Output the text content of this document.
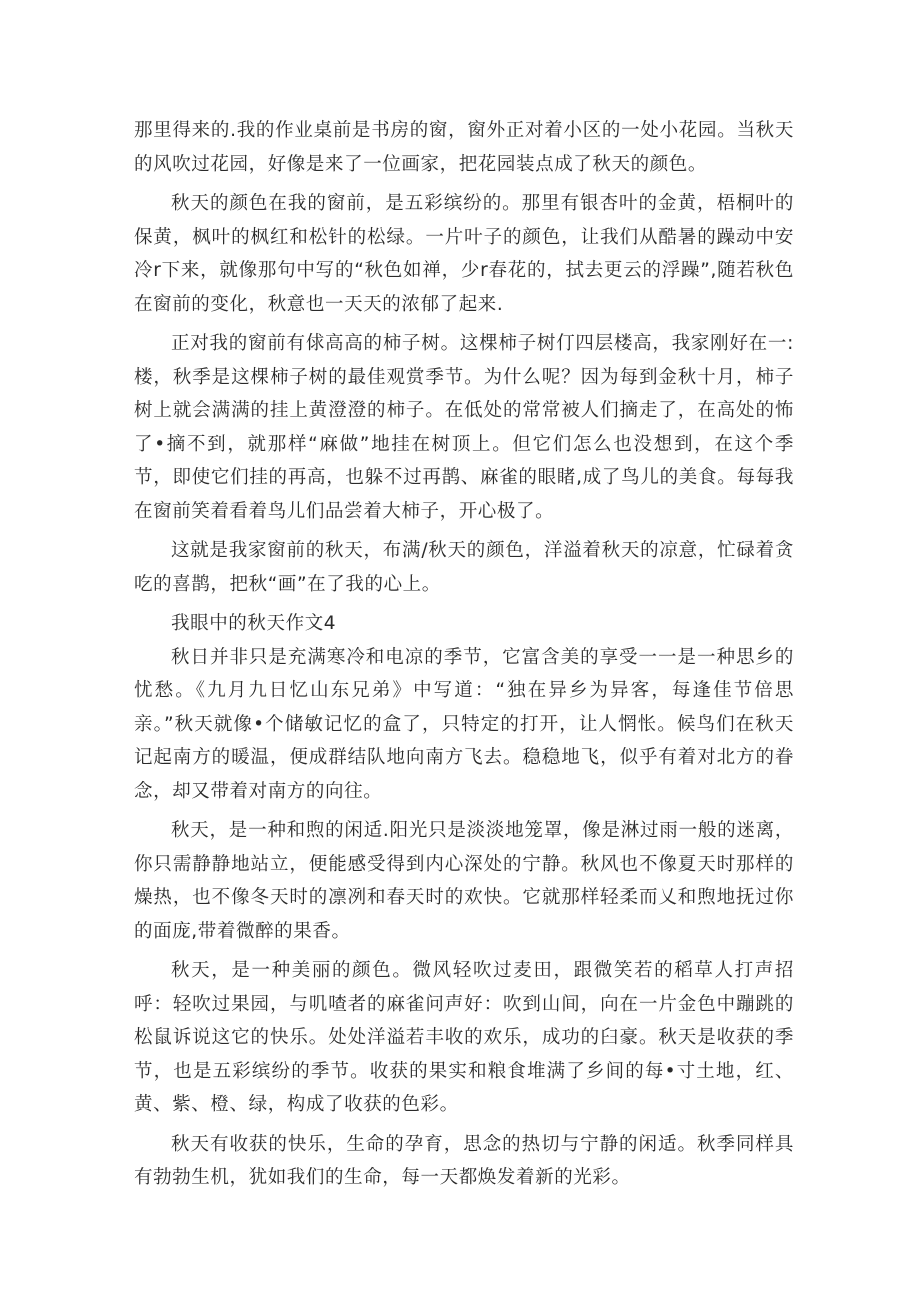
那里得来的.我的作业桌前是书房的窗，窗外正对着小区的一处小花园。当秋天的风吹过花园，好像是来了一位画家，把花园装点成了秋天的颜色。

秋天的颜色在我的窗前，是五彩缤纷的。那里有银杏叶的金黄，梧桐叶的保黄，枫叶的枫红和松针的松绿。一片叶子的颜色，让我们从酷暑的躁动中安冷r下来，就像那句中写的“秋色如禅，少r春花的，拭去更云的浮躁”,随若秋色在窗前的变化，秋意也一天天的浓郁了起来.

正对我的窗前有俅高高的柿子树。这棵柿子树仃四层楼高，我家刚好在一:楼，秋季是这棵柿子树的最佳观赏季节。为什么呢？因为每到金秋十月，柿子树上就会满满的挂上黄澄澄的柿子。在低处的常常被人们摘走了，在高处的怖了•摘不到，就那样“麻做”地挂在树顶上。但它们怎么也没想到，在这个季节，即使它们挂的再高，也躲不过再鹊、麻雀的眼睹,成了鸟儿的美食。每每我在窗前笑着看着鸟儿们品尝着大柿子，开心极了。

这就是我家窗前的秋天，布满/秋天的颜色，洋溢着秋天的凉意，忙碌着贪吃的喜鹊，把秋“画”在了我的心上。

我眼中的秋天作文4

秋日并非只是充满寒冷和电凉的季节，它富含美的享受一一是一种思乡的忧愁。《九月九日忆山东兄弟》中写道：“独在异乡为异客，每逢佳节倍思亲。”秋天就像•个储敏记忆的盒了，只特定的打开，让人惘怅。候鸟们在秋天记起南方的暖温，便成群结队地向南方飞去。稳稳地飞，似乎有着对北方的眷念，却又带着对南方的向往。

秋天，是一种和煦的闲适.阳光只是淡淡地笼罩，像是淋过雨一般的迷离，你只需静静地站立，便能感受得到内心深处的宁静。秋风也不像夏天时那样的燥热，也不像冬天时的凛冽和春天时的欢快。它就那样轻柔而乂和煦地抚过你的面庞,带着微醉的果香。

秋天，是一种美丽的颜色。微风轻吹过麦田，跟微笑若的稻草人打声招呼：轻吹过果园，与叽喳者的麻雀问声好：吹到山间，向在一片金色中蹦跳的松鼠诉说这它的快乐。处处洋溢若丰收的欢乐，成功的臼豪。秋天是收获的季节，也是五彩缤纷的季节。收获的果实和粮食堆满了乡间的每•寸土地，红、黄、紫、橙、绿，构成了收获的色彩。

秋天有收获的快乐，生命的孕育，思念的热切与宁静的闲适。秋季同样具有勃勃生机，犹如我们的生命，每一天都焕发着新的光彩。
